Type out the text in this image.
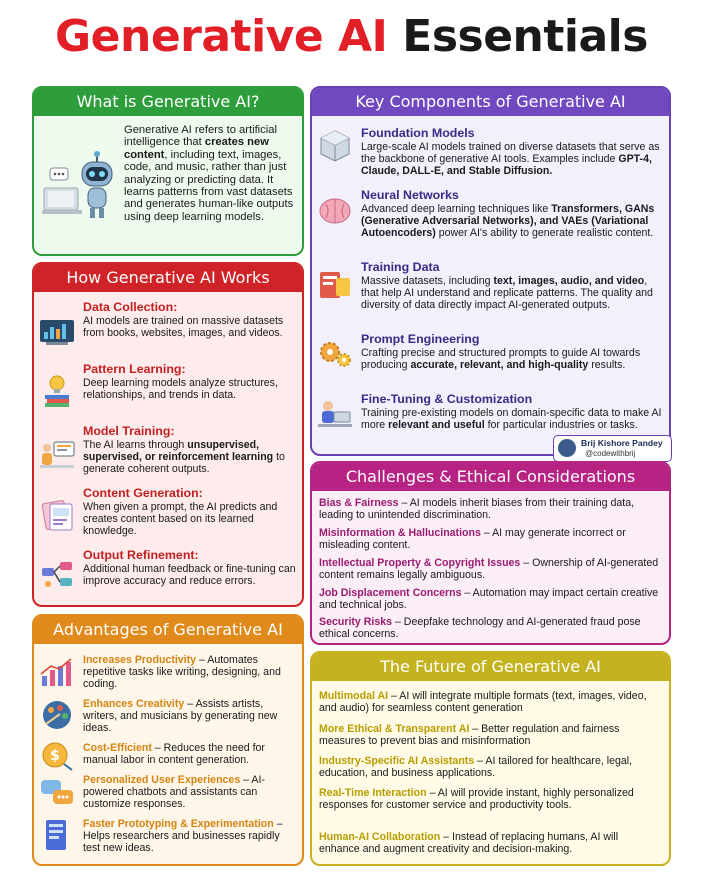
Generative AI Essentials
What is Generative AI?
Generative AI refers to artificial intelligence that creates new content, including text, images, code, and music, rather than just analyzing or predicting data. It learns patterns from vast datasets and generates human-like outputs using deep learning models.
How Generative AI Works
Data Collection:
AI models are trained on massive datasets from books, websites, images, and videos.
Pattern Learning:
Deep learning models analyze structures, relationships, and trends in data.
Model Training:
The AI learns through unsupervised, supervised, or reinforcement learning to generate coherent outputs.
Content Generation:
When given a prompt, the AI predicts and creates content based on its learned knowledge.
Output Refinement:
Additional human feedback or fine-tuning can improve accuracy and reduce errors.
Advantages of Generative AI
Increases Productivity – Automates repetitive tasks like writing, designing, and coding.
Enhances Creativity – Assists artists, writers, and musicians by generating new ideas.
$ Cost-Efficient – Reduces the need for manual labor in content generation.
Personalized User Experiences – AI-powered chatbots and assistants can customize responses.
Faster Prototyping & Experimentation – Helps researchers and businesses rapidly test new ideas.
Key Components of Generative AI
Foundation Models
Large-scale AI models trained on diverse datasets that serve as the backbone of generative AI tools. Examples include GPT-4, Claude, DALL-E, and Stable Diffusion.
Neural Networks
Advanced deep learning techniques like Transformers, GANs (Generative Adversarial Networks), and VAEs (Variational Autoencoders) power AI's ability to generate realistic content.
Training Data
Massive datasets, including text, images, audio, and video, that help AI understand and replicate patterns. The quality and diversity of data directly impact AI-generated outputs.
Prompt Engineering
Crafting precise and structured prompts to guide AI towards producing accurate, relevant, and high-quality results.
Fine-Tuning & Customization
Training pre-existing models on domain-specific data to make AI more relevant and useful for particular industries or tasks.
Brij Kishore Pandey
@codewithbrij
Challenges & Ethical Considerations
Bias & Fairness – AI models inherit biases from their training data, leading to unintended discrimination.
Misinformation & Hallucinations – AI may generate incorrect or misleading content.
Intellectual Property & Copyright Issues – Ownership of AI-generated content remains legally ambiguous.
Job Displacement Concerns – Automation may impact certain creative and technical jobs.
Security Risks – Deepfake technology and AI-generated fraud pose ethical concerns.
The Future of Generative AI
Multimodal AI – AI will integrate multiple formats (text, images, video, and audio) for seamless content generation
More Ethical & Transparent AI – Better regulation and fairness measures to prevent bias and misinformation
Industry-Specific AI Assistants – AI tailored for healthcare, legal, education, and business applications.
Real-Time Interaction – AI will provide instant, highly personalized responses for customer service and productivity tools.
Human-AI Collaboration – Instead of replacing humans, AI will enhance and augment creativity and decision-making.
